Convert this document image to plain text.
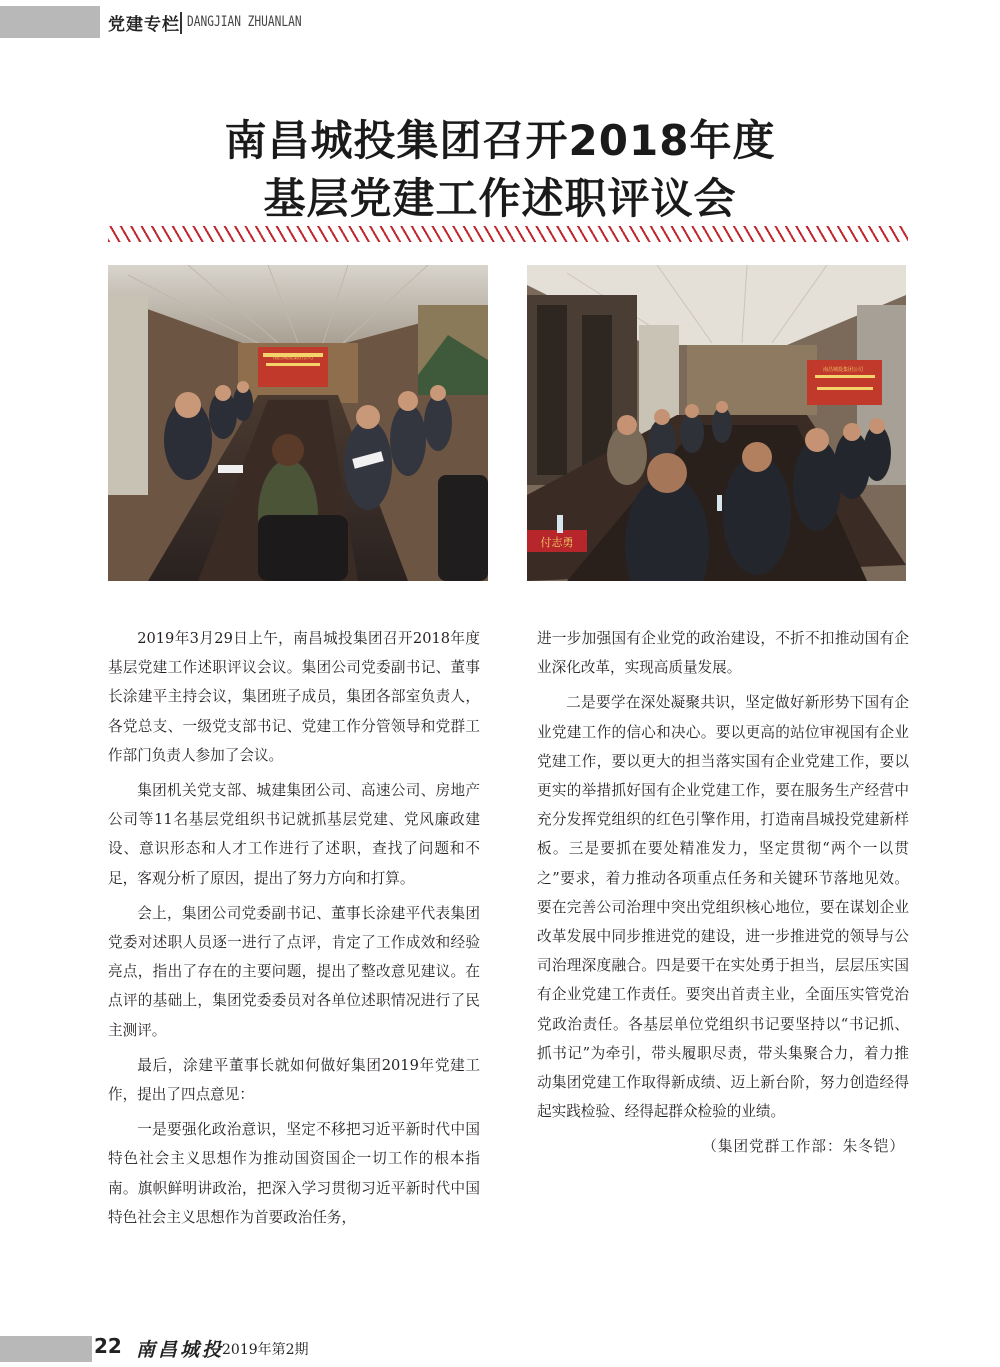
党建专栏 DANGJIAN ZHUANLAN
南昌城投集团召开2018年度
基层党建工作述职评议会
南昌城投集团公司
付志勇
南昌城投集团公司

2019年3月29日上午，南昌城投集团召开2018年度基层党建工作述职评议会议。集团公司党委副书记、董事长涂建平主持会议，集团班子成员，集团各部室负责人，各党总支、一级党支部书记、党建工作分管领导和党群工作部门负责人参加了会议。

集团机关党支部、城建集团公司、高速公司、房地产公司等11名基层党组织书记就抓基层党建、党风廉政建设、意识形态和人才工作进行了述职，查找了问题和不足，客观分析了原因，提出了努力方向和打算。

会上，集团公司党委副书记、董事长涂建平代表集团党委对述职人员逐一进行了点评，肯定了工作成效和经验亮点，指出了存在的主要问题，提出了整改意见建议。在点评的基础上，集团党委委员对各单位述职情况进行了民主测评。

最后，涂建平董事长就如何做好集团2019年党建工作，提出了四点意见：

一是要强化政治意识，坚定不移把习近平新时代中国特色社会主义思想作为推动国资国企一切工作的根本指南。旗帜鲜明讲政治，把深入学习贯彻习近平新时代中国特色社会主义思想作为首要政治任务，

进一步加强国有企业党的政治建设，不折不扣推动国有企业深化改革，实现高质量发展。

二是要学在深处凝聚共识，坚定做好新形势下国有企业党建工作的信心和决心。要以更高的站位审视国有企业党建工作，要以更大的担当落实国有企业党建工作，要以更实的举措抓好国有企业党建工作，要在服务生产经营中充分发挥党组织的红色引擎作用，打造南昌城投党建新样板。三是要抓在要处精准发力，坚定贯彻“两个一以贯之”要求，着力推动各项重点任务和关键环节落地见效。要在完善公司治理中突出党组织核心地位，要在谋划企业改革发展中同步推进党的建设，进一步推进党的领导与公司治理深度融合。四是要干在实处勇于担当，层层压实国有企业党建工作责任。要突出首责主业，全面压实管党治党政治责任。各基层单位党组织书记要坚持以“书记抓、抓书记”为牵引，带头履职尽责，带头集聚合力，着力推动集团党建工作取得新成绩、迈上新台阶，努力创造经得起实践检验、经得起群众检验的业绩。

（集团党群工作部：朱冬铠）
22 南昌城投
2019年第2期
